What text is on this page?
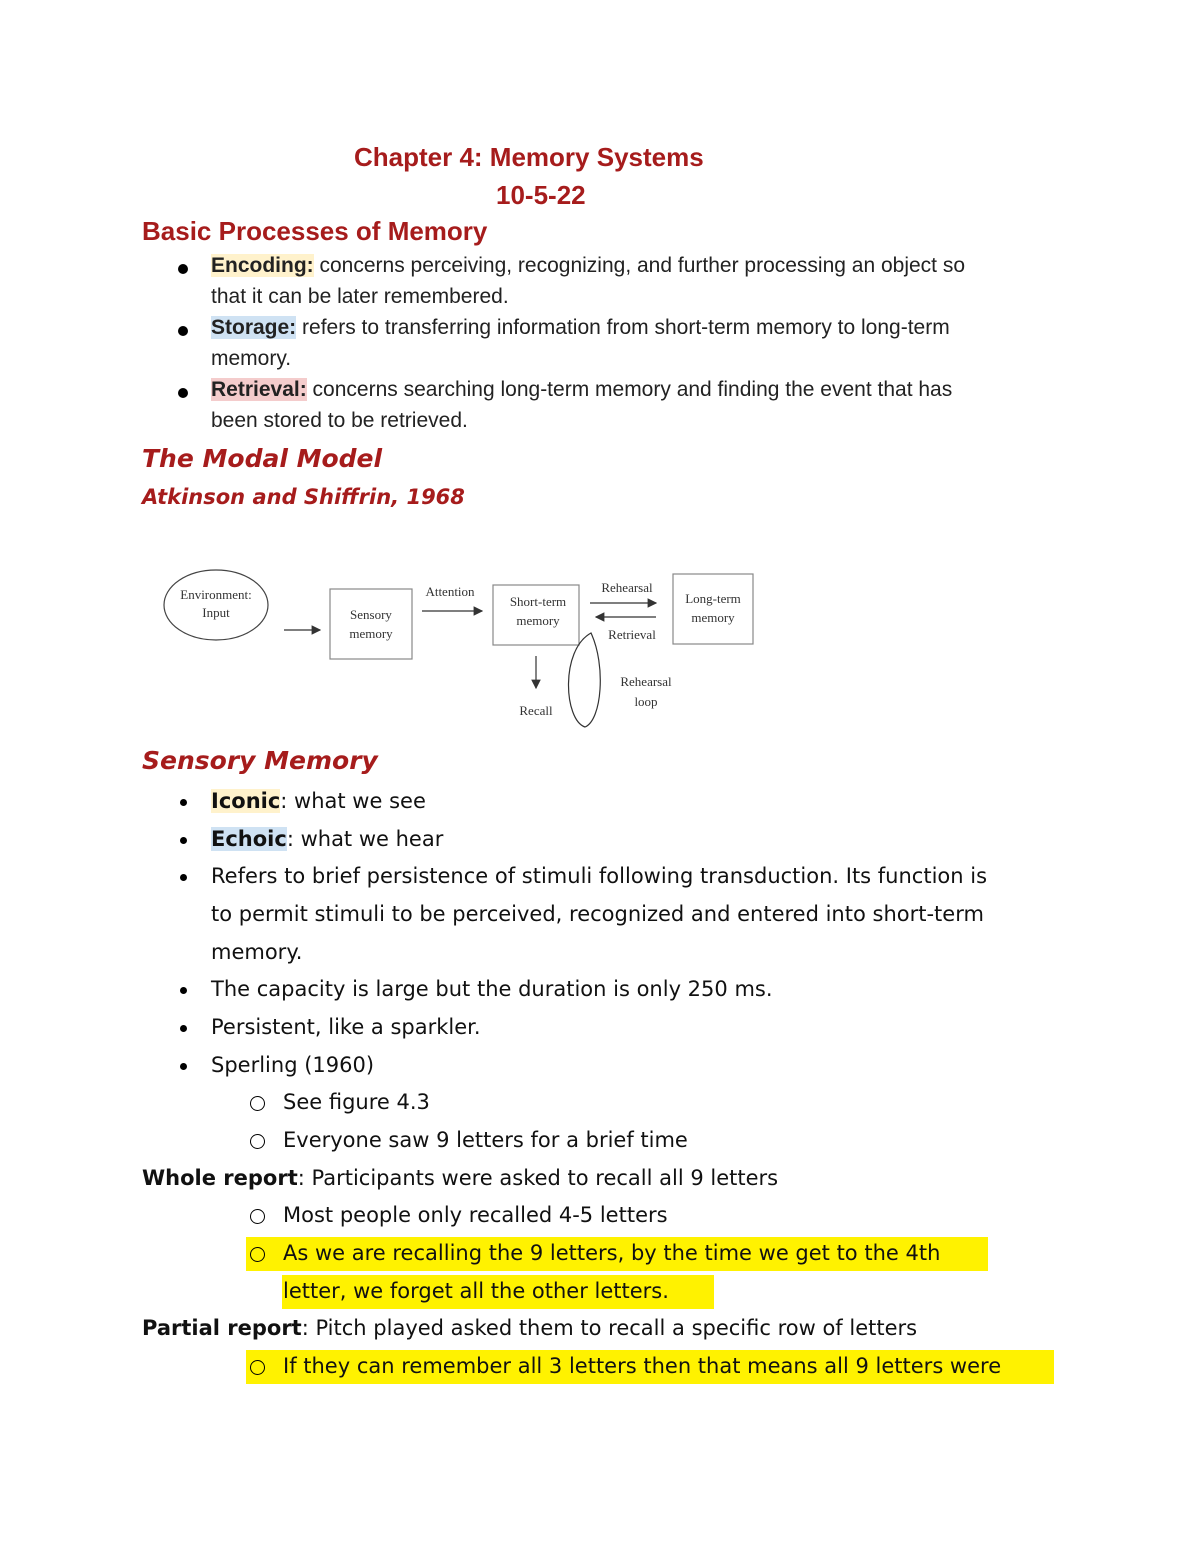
Chapter 4: Memory Systems
10-5-22
Basic Processes of Memory
Encoding: concerns perceiving, recognizing, and further processing an object so
that it can be later remembered.
Storage: refers to transferring information from short-term memory to long-term
memory.
Retrieval: concerns searching long-term memory and finding the event that has
been stored to be retrieved.
The Modal Model
Atkinson and Shiffrin, 1968
Environment:
Input	Sensory
memory
Attention
Short-term
memory
Rehearsal
Retrieval
Long-term
memory
Recall
Rehearsal
loop
Sensory Memory
Iconic: what we see
Echoic: what we hear
Refers to brief persistence of stimuli following transduction. Its function is
to permit stimuli to be perceived, recognized and entered into short-term
memory.
The capacity is large but the duration is only 250 ms.
Persistent, like a sparkler.
Sperling (1960)
See figure 4.3
Everyone saw 9 letters for a brief time
Whole report: Participants were asked to recall all 9 letters
Most people only recalled 4-5 letters
As we are recalling the 9 letters, by the time we get to the 4th
letter, we forget all the other letters.
Partial report: Pitch played asked them to recall a specific row of letters
If they can remember all 3 letters then that means all 9 letters were
